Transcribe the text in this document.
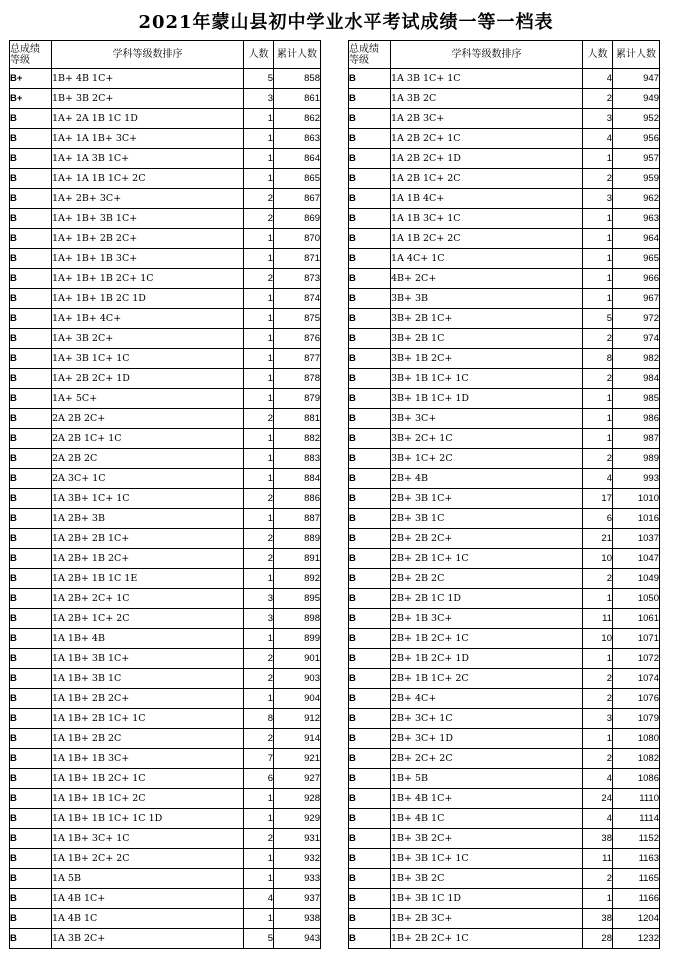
2021年蒙山县初中学业水平考试成绩一等一档表
总成绩
等级	学科等级数排序	人数	累计人数
B+	1B+ 4B 1C+	5	858
B+	1B+ 3B 2C+	3	861
B	1A+ 2A 1B 1C 1D	1	862
B	1A+ 1A 1B+ 3C+	1	863
B	1A+ 1A 3B 1C+	1	864
B	1A+ 1A 1B 1C+ 2C	1	865
B	1A+ 2B+ 3C+	2	867
B	1A+ 1B+ 3B 1C+	2	869
B	1A+ 1B+ 2B 2C+	1	870
B	1A+ 1B+ 1B 3C+	1	871
B	1A+ 1B+ 1B 2C+ 1C	2	873
B	1A+ 1B+ 1B 2C 1D	1	874
B	1A+ 1B+ 4C+	1	875
B	1A+ 3B 2C+	1	876
B	1A+ 3B 1C+ 1C	1	877
B	1A+ 2B 2C+ 1D	1	878
B	1A+ 5C+	1	879
B	2A 2B 2C+	2	881
B	2A 2B 1C+ 1C	1	882
B	2A 2B 2C	1	883
B	2A 3C+ 1C	1	884
B	1A 3B+ 1C+ 1C	2	886
B	1A 2B+ 3B	1	887
B	1A 2B+ 2B 1C+	2	889
B	1A 2B+ 1B 2C+	2	891
B	1A 2B+ 1B 1C 1E	1	892
B	1A 2B+ 2C+ 1C	3	895
B	1A 2B+ 1C+ 2C	3	898
B	1A 1B+ 4B	1	899
B	1A 1B+ 3B 1C+	2	901
B	1A 1B+ 3B 1C	2	903
B	1A 1B+ 2B 2C+	1	904
B	1A 1B+ 2B 1C+ 1C	8	912
B	1A 1B+ 2B 2C	2	914
B	1A 1B+ 1B 3C+	7	921
B	1A 1B+ 1B 2C+ 1C	6	927
B	1A 1B+ 1B 1C+ 2C	1	928
B	1A 1B+ 1B 1C+ 1C 1D	1	929
B	1A 1B+ 3C+ 1C	2	931
B	1A 1B+ 2C+ 2C	1	932
B	1A 5B	1	933
B	1A 4B 1C+	4	937
B	1A 4B 1C	1	938
B	1A 3B 2C+	5	943
总成绩
等级	学科等级数排序	人数	累计人数
B	1A 3B 1C+ 1C	4	947
B	1A 3B 2C	2	949
B	1A 2B 3C+	3	952
B	1A 2B 2C+ 1C	4	956
B	1A 2B 2C+ 1D	1	957
B	1A 2B 1C+ 2C	2	959
B	1A 1B 4C+	3	962
B	1A 1B 3C+ 1C	1	963
B	1A 1B 2C+ 2C	1	964
B	1A 4C+ 1C	1	965
B	4B+ 2C+	1	966
B	3B+ 3B	1	967
B	3B+ 2B 1C+	5	972
B	3B+ 2B 1C	2	974
B	3B+ 1B 2C+	8	982
B	3B+ 1B 1C+ 1C	2	984
B	3B+ 1B 1C+ 1D	1	985
B	3B+ 3C+	1	986
B	3B+ 2C+ 1C	1	987
B	3B+ 1C+ 2C	2	989
B	2B+ 4B	4	993
B	2B+ 3B 1C+	17	1010
B	2B+ 3B 1C	6	1016
B	2B+ 2B 2C+	21	1037
B	2B+ 2B 1C+ 1C	10	1047
B	2B+ 2B 2C	2	1049
B	2B+ 2B 1C 1D	1	1050
B	2B+ 1B 3C+	11	1061
B	2B+ 1B 2C+ 1C	10	1071
B	2B+ 1B 2C+ 1D	1	1072
B	2B+ 1B 1C+ 2C	2	1074
B	2B+ 4C+	2	1076
B	2B+ 3C+ 1C	3	1079
B	2B+ 3C+ 1D	1	1080
B	2B+ 2C+ 2C	2	1082
B	1B+ 5B	4	1086
B	1B+ 4B 1C+	24	1110
B	1B+ 4B 1C	4	1114
B	1B+ 3B 2C+	38	1152
B	1B+ 3B 1C+ 1C	11	1163
B	1B+ 3B 2C	2	1165
B	1B+ 3B 1C 1D	1	1166
B	1B+ 2B 3C+	38	1204
B	1B+ 2B 2C+ 1C	28	1232
